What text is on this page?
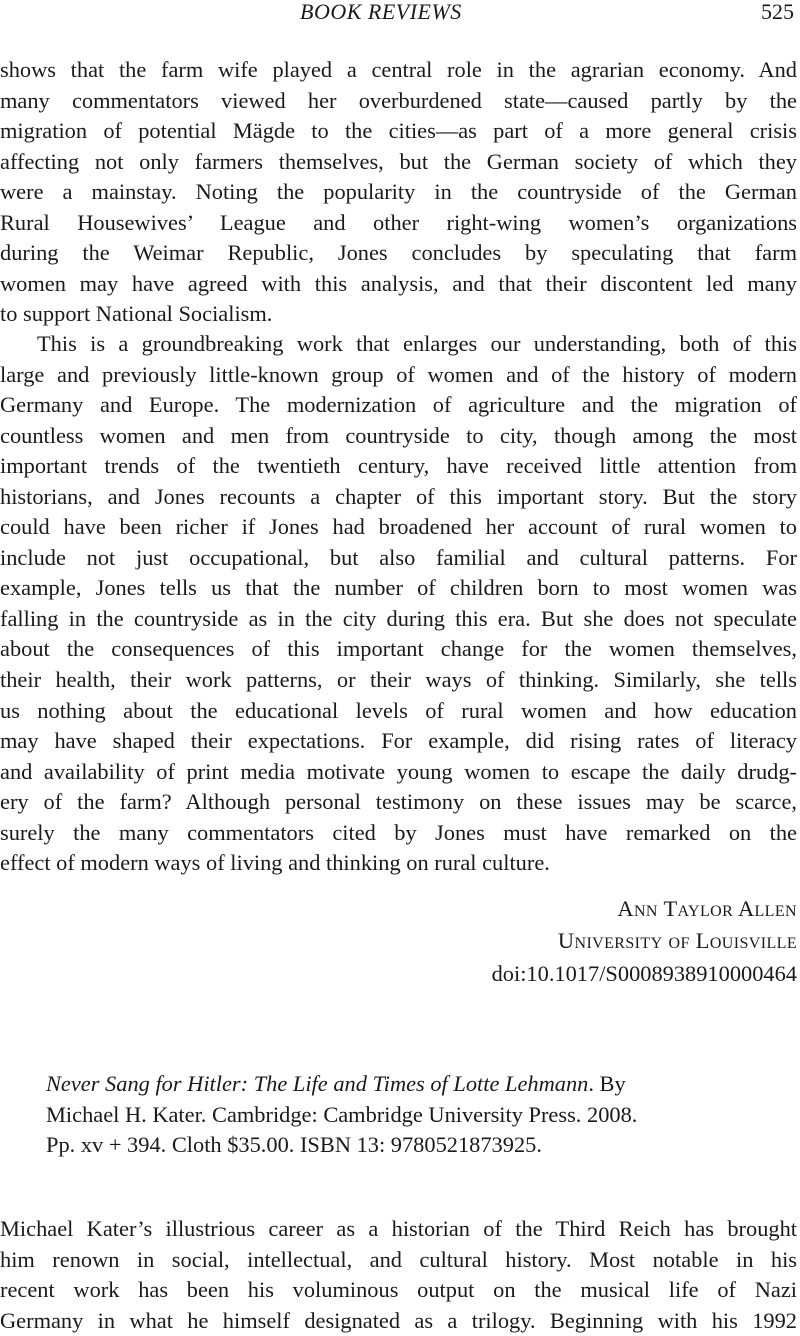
BOOK REVIEWS	525
shows that the farm wife played a central role in the agrarian economy. And
many commentators viewed her overburdened state—caused partly by the
migration of potential Mägde to the cities—as part of a more general crisis
affecting not only farmers themselves, but the German society of which they
were a mainstay. Noting the popularity in the countryside of the German
Rural Housewives’ League and other right-wing women’s organizations
during the Weimar Republic, Jones concludes by speculating that farm
women may have agreed with this analysis, and that their discontent led many
to support National Socialism.
This is a groundbreaking work that enlarges our understanding, both of this
large and previously little-known group of women and of the history of modern
Germany and Europe. The modernization of agriculture and the migration of
countless women and men from countryside to city, though among the most
important trends of the twentieth century, have received little attention from
historians, and Jones recounts a chapter of this important story. But the story
could have been richer if Jones had broadened her account of rural women to
include not just occupational, but also familial and cultural patterns. For
example, Jones tells us that the number of children born to most women was
falling in the countryside as in the city during this era. But she does not speculate
about the consequences of this important change for the women themselves,
their health, their work patterns, or their ways of thinking. Similarly, she tells
us nothing about the educational levels of rural women and how education
may have shaped their expectations. For example, did rising rates of literacy
and availability of print media motivate young women to escape the daily drudg-
ery of the farm? Although personal testimony on these issues may be scarce,
surely the many commentators cited by Jones must have remarked on the
effect of modern ways of living and thinking on rural culture.
Ann Taylor Allen
University of Louisville
doi:10.1017/S0008938910000464
Never Sang for Hitler: The Life and Times of Lotte Lehmann. By
Michael H. Kater. Cambridge: Cambridge University Press. 2008.
Pp. xv + 394. Cloth $35.00. ISBN 13: 9780521873925.
Michael Kater’s illustrious career as a historian of the Third Reich has brought
him renown in social, intellectual, and cultural history. Most notable in his
recent work has been his voluminous output on the musical life of Nazi
Germany in what he himself designated as a trilogy. Beginning with his 1992
